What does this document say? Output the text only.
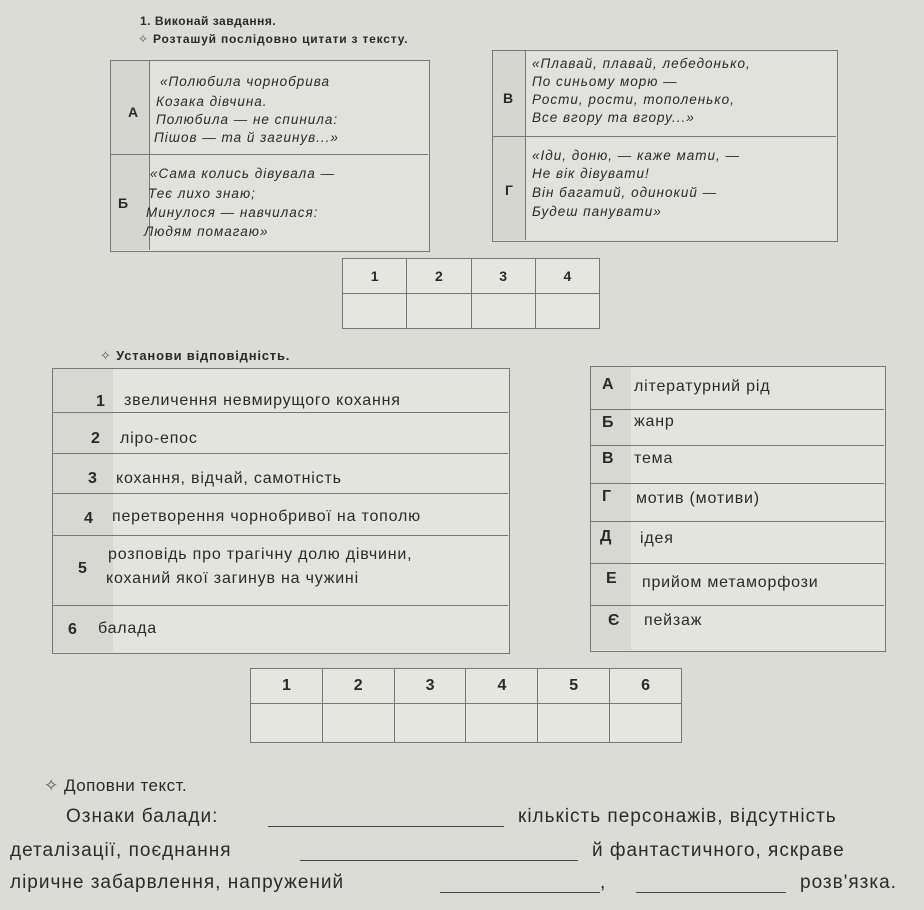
1. Виконай завдання.
✧ Розташуй послідовно цитати з тексту.
А
«Полюбила чорнобрива
Козака дівчина.
Полюбила — не спинила:
Пішов — та й загинув...»
Б
«Сама колись дівувала —
Теє лихо знаю;
Минулося — навчилася:
Людям помагаю»
В
«Плавай, плавай, лебедонько,
По синьому морю —
Рости, рости, тополенько,
Все вгору та вгору...»
Г
«Іди, доню, — каже мати, —
Не вік дівувати!
Він багатий, одинокий —
Будеш панувати»
1	2	3	4

✧ Установи відповідність.
1 звеличення невмирущого кохання
2 ліро-епос
3 кохання, відчай, самотність
4 перетворення чорнобривої на тополю
5
розповідь про трагічну долю дівчини,
коханий якої загинув на чужині
6 балада
А літературний рід
Б жанр
В тема
Г мотив (мотиви)
Д ідея
Е прийом метаморфози
Є пейзаж
1	2	3	4	5	6

✧ Доповни текст.
Ознаки балади:	кількість персонажів, відсутність
деталізації, поєднання	й фантастичного, яскраве
ліричне забарвлення, напружений	,	розв'язка.
